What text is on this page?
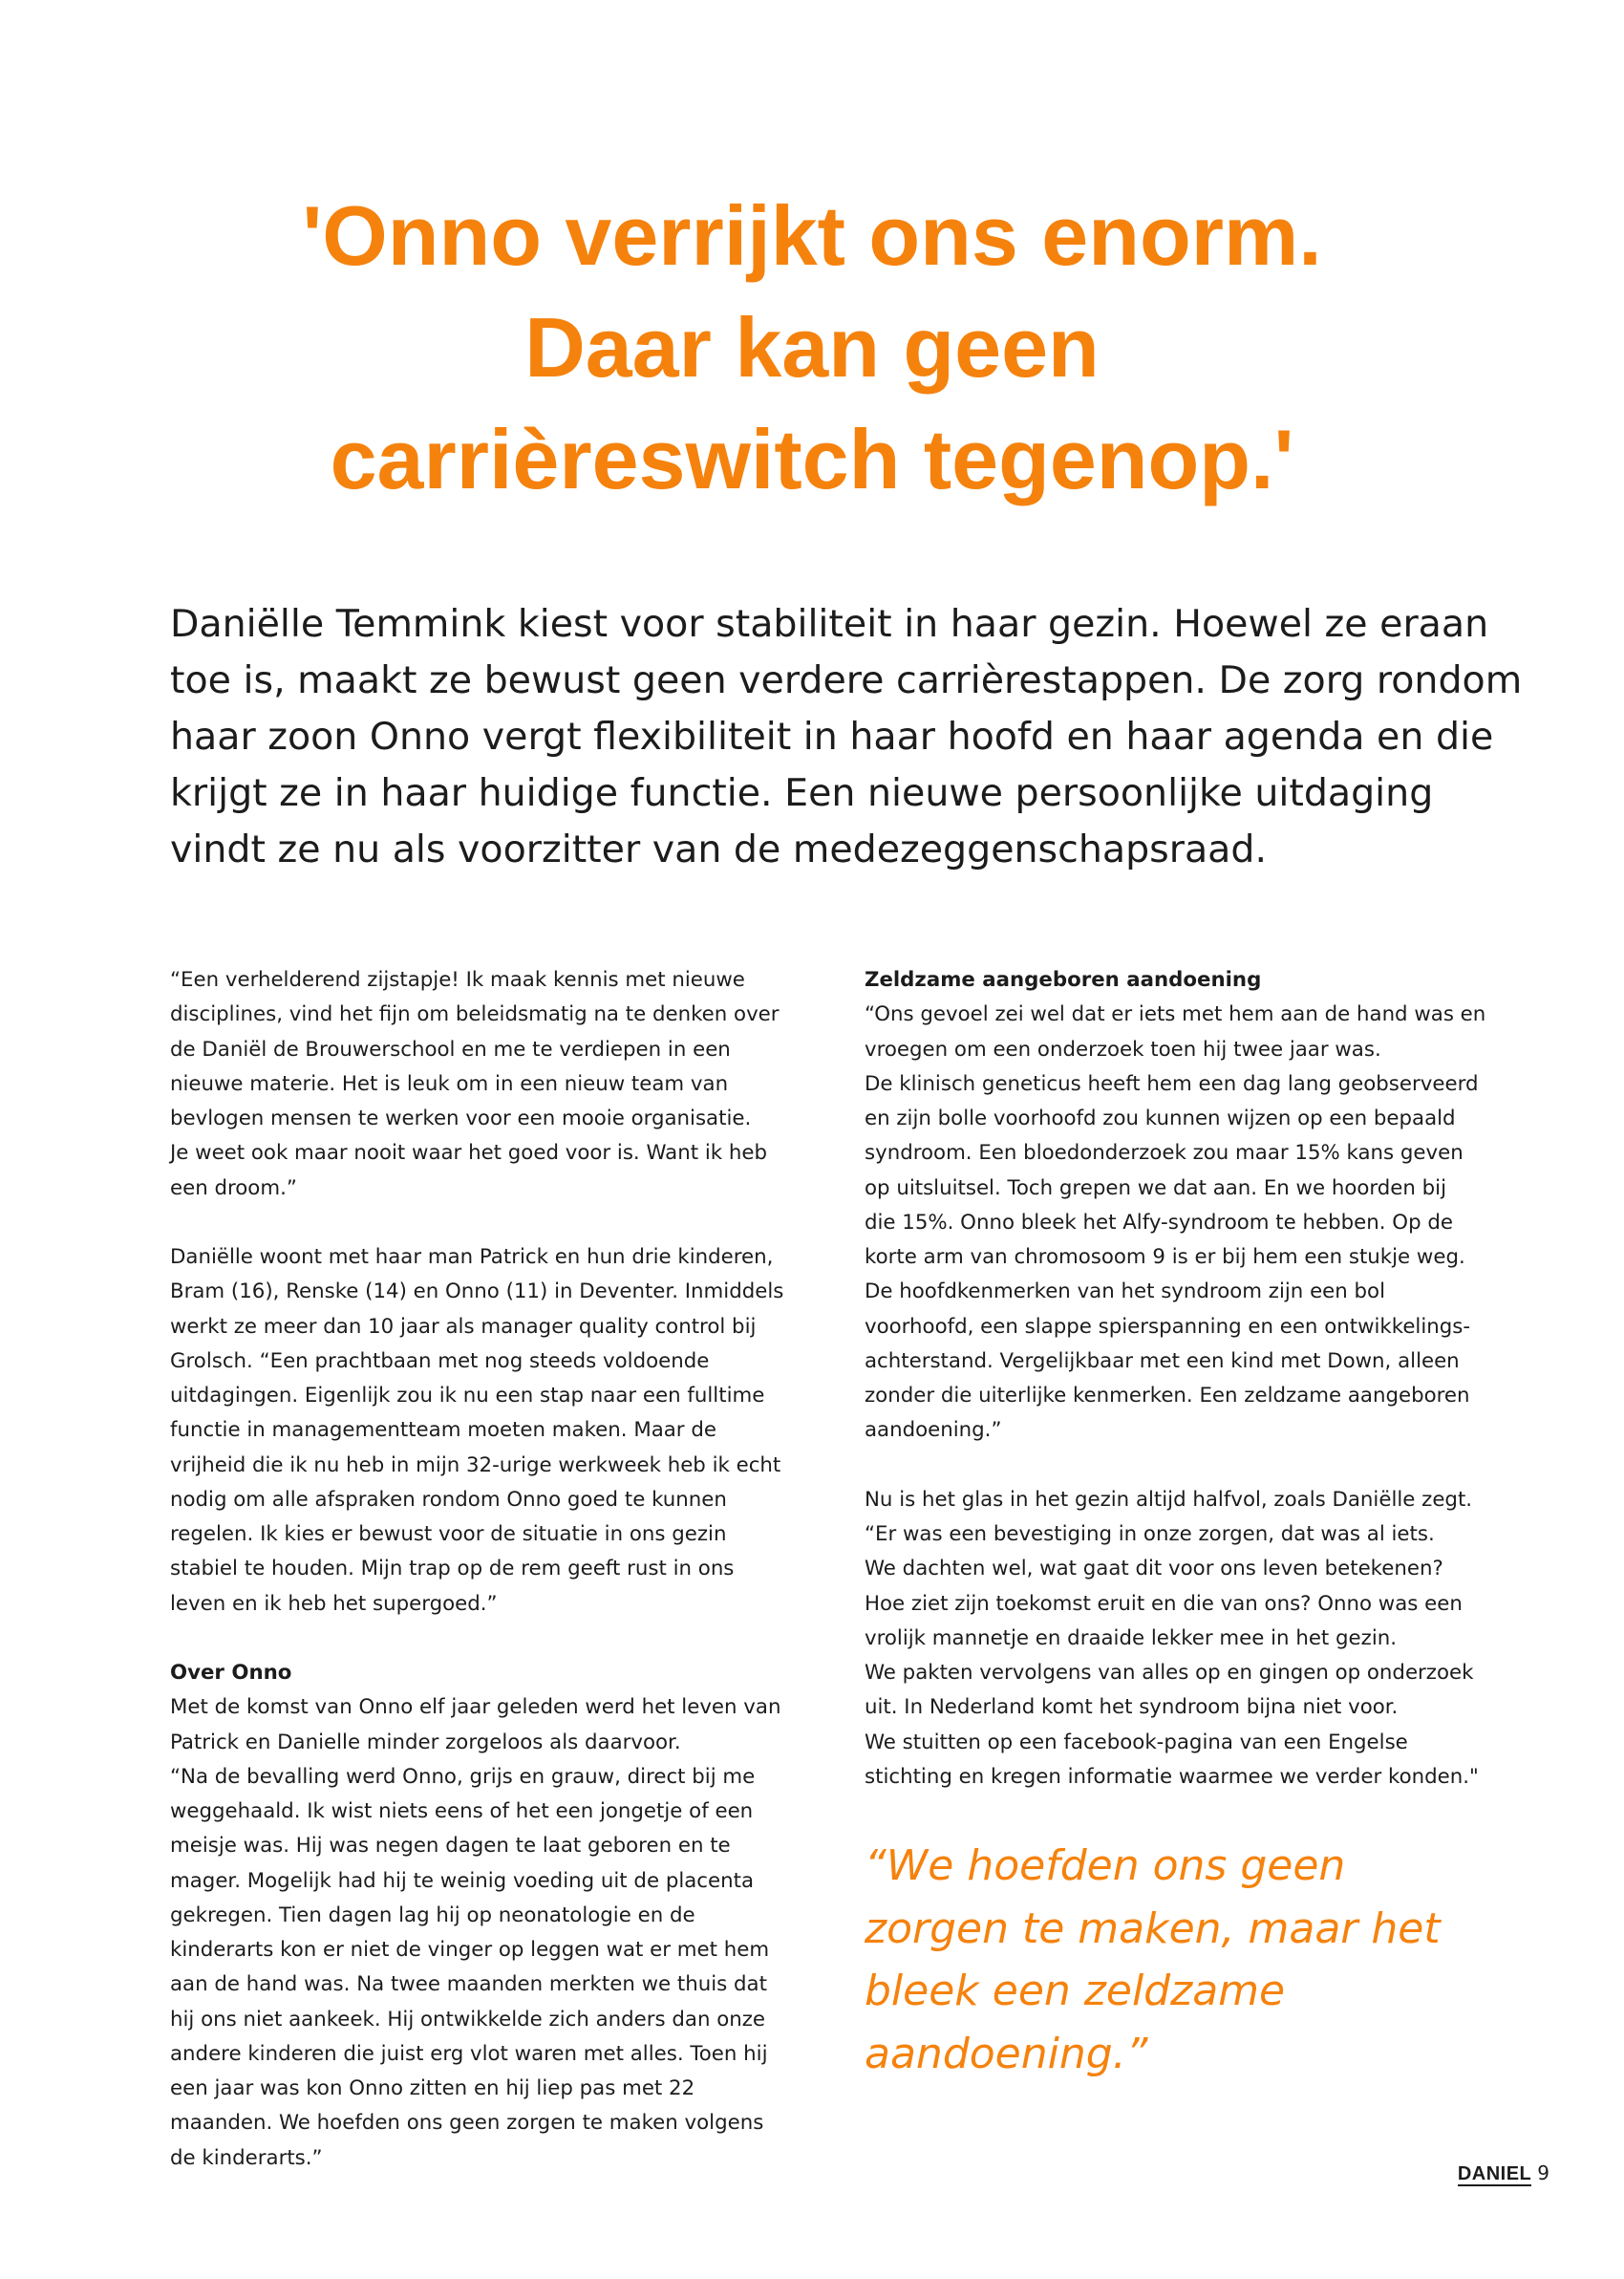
'Onno verrijkt ons enorm.
Daar kan geen
carrièreswitch tegenop.'

Daniëlle Temmink kiest voor stabiliteit in haar gezin. Hoewel ze eraan
toe is, maakt ze bewust geen verdere carrièrestappen. De zorg rondom
haar zoon Onno vergt flexibiliteit in haar hoofd en haar agenda en die
krijgt ze in haar huidige functie. Een nieuwe persoonlijke uitdaging
vindt ze nu als voorzitter van de medezeggenschapsraad.

“Een verhelderend zijstapje! Ik maak kennis met nieuwe
disciplines, vind het fijn om beleidsmatig na te denken over
de Daniël de Brouwerschool en me te verdiepen in een
nieuwe materie. Het is leuk om in een nieuw team van
bevlogen mensen te werken voor een mooie organisatie.
Je weet ook maar nooit waar het goed voor is. Want ik heb
een droom.”
Daniëlle woont met haar man Patrick en hun drie kinderen,
Bram (16), Renske (14) en Onno (11) in Deventer. Inmiddels
werkt ze meer dan 10 jaar als manager quality control bij
Grolsch. “Een prachtbaan met nog steeds voldoende
uitdagingen. Eigenlijk zou ik nu een stap naar een fulltime
functie in managementteam moeten maken. Maar de
vrijheid die ik nu heb in mijn 32-urige werkweek heb ik echt
nodig om alle afspraken rondom Onno goed te kunnen
regelen. Ik kies er bewust voor de situatie in ons gezin
stabiel te houden. Mijn trap op de rem geeft rust in ons
leven en ik heb het supergoed.”
Over Onno
Met de komst van Onno elf jaar geleden werd het leven van
Patrick en Danielle minder zorgeloos als daarvoor.
“Na de bevalling werd Onno, grijs en grauw, direct bij me
weggehaald. Ik wist niets eens of het een jongetje of een
meisje was. Hij was negen dagen te laat geboren en te
mager. Mogelijk had hij te weinig voeding uit de placenta
gekregen. Tien dagen lag hij op neonatologie en de
kinderarts kon er niet de vinger op leggen wat er met hem
aan de hand was. Na twee maanden merkten we thuis dat
hij ons niet aankeek. Hij ontwikkelde zich anders dan onze
andere kinderen die juist erg vlot waren met alles. Toen hij
een jaar was kon Onno zitten en hij liep pas met 22
maanden. We hoefden ons geen zorgen te maken volgens
de kinderarts.”
Zeldzame aangeboren aandoening
“Ons gevoel zei wel dat er iets met hem aan de hand was en
vroegen om een onderzoek toen hij twee jaar was.
De klinisch geneticus heeft hem een dag lang geobserveerd
en zijn bolle voorhoofd zou kunnen wijzen op een bepaald
syndroom. Een bloedonderzoek zou maar 15% kans geven
op uitsluitsel. Toch grepen we dat aan. En we hoorden bij
die 15%. Onno bleek het Alfy-syndroom te hebben. Op de
korte arm van chromosoom 9 is er bij hem een stukje weg.
De hoofdkenmerken van het syndroom zijn een bol
voorhoofd, een slappe spierspanning en een ontwikkelings-
achterstand. Vergelijkbaar met een kind met Down, alleen
zonder die uiterlijke kenmerken. Een zeldzame aangeboren
aandoening.”
Nu is het glas in het gezin altijd halfvol, zoals Daniëlle zegt.
“Er was een bevestiging in onze zorgen, dat was al iets.
We dachten wel, wat gaat dit voor ons leven betekenen?
Hoe ziet zijn toekomst eruit en die van ons? Onno was een
vrolijk mannetje en draaide lekker mee in het gezin.
We pakten vervolgens van alles op en gingen op onderzoek
uit. In Nederland komt het syndroom bijna niet voor.
We stuitten op een facebook-pagina van een Engelse
stichting en kregen informatie waarmee we verder konden."
“We hoefden ons geen
zorgen te maken, maar het
bleek een zeldzame
aandoening.”
DANIEL 9
